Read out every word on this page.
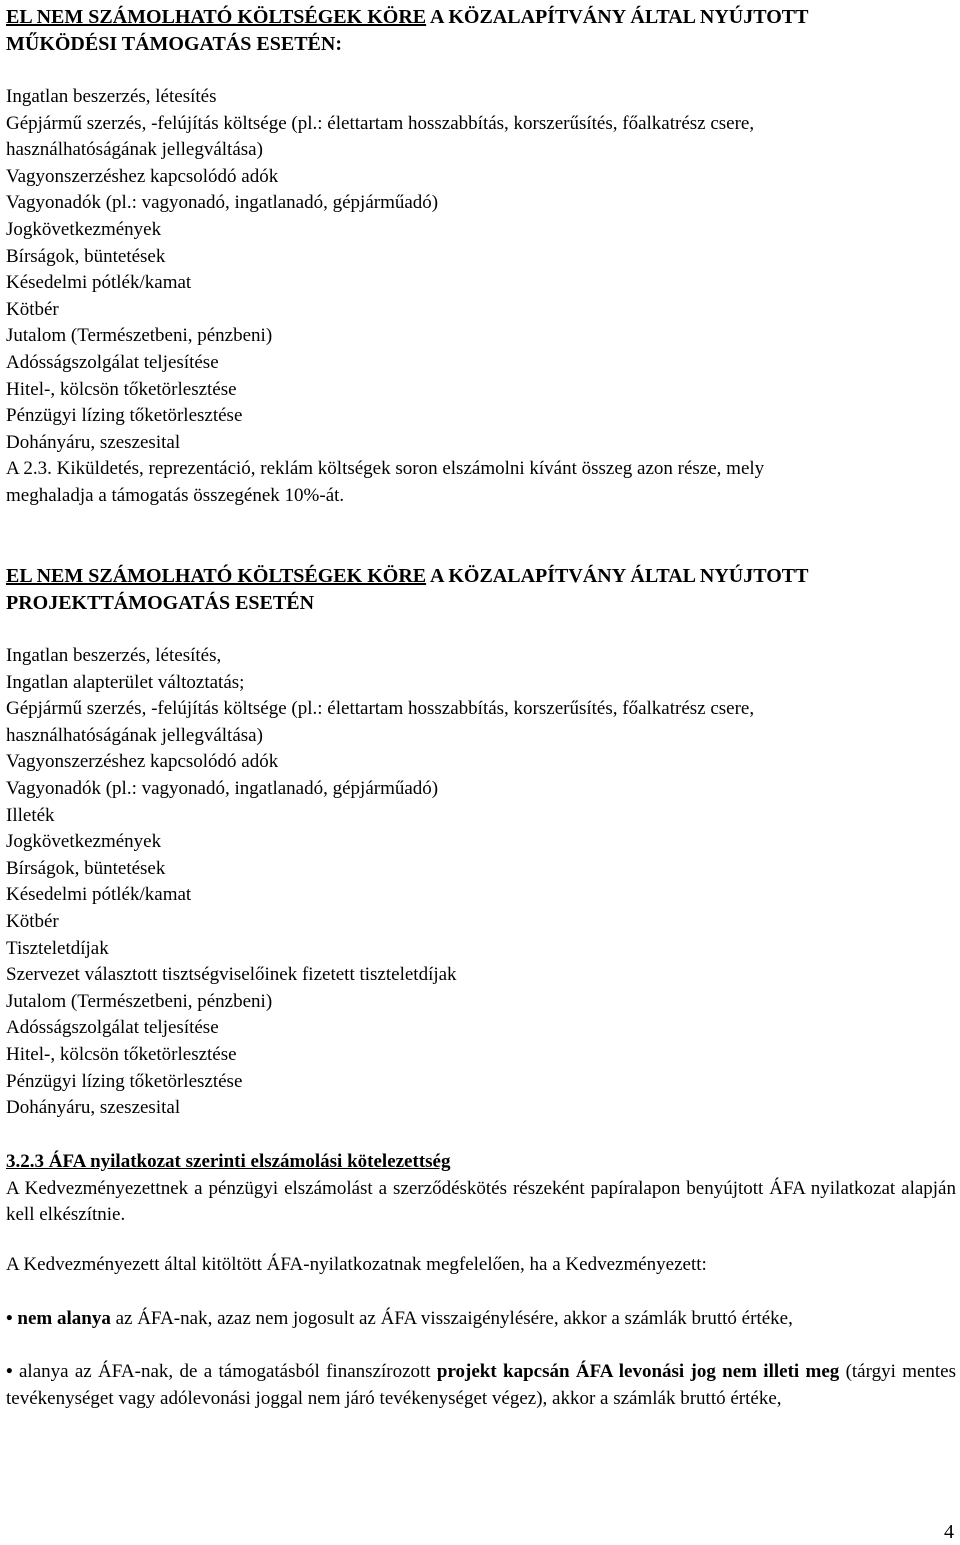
EL NEM SZÁMOLHATÓ KÖLTSÉGEK KÖRE A KÖZALAPÍTVÁNY ÁLTAL NYÚJTOTT
MŰKÖDÉSI TÁMOGATÁS ESETÉN:
Ingatlan beszerzés, létesítés
Gépjármű szerzés, -felújítás költsége (pl.: élettartam hosszabbítás, korszerűsítés, főalkatrész csere,
használhatóságának jellegváltása)
Vagyonszerzéshez kapcsolódó adók
Vagyonadók (pl.: vagyonadó, ingatlanadó, gépjárműadó)
Jogkövetkezmények
Bírságok, büntetések
Késedelmi pótlék/kamat
Kötbér
Jutalom (Természetbeni, pénzbeni)
Adósságszolgálat teljesítése
Hitel-, kölcsön tőketörlesztése
Pénzügyi lízing tőketörlesztése
Dohányáru, szeszesital
A 2.3. Kiküldetés, reprezentáció, reklám költségek soron elszámolni kívánt összeg azon része, mely
meghaladja a támogatás összegének 10%-át.
EL NEM SZÁMOLHATÓ KÖLTSÉGEK KÖRE A KÖZALAPÍTVÁNY ÁLTAL NYÚJTOTT
PROJEKTTÁMOGATÁS ESETÉN
Ingatlan beszerzés, létesítés,
Ingatlan alapterület változtatás;
Gépjármű szerzés, -felújítás költsége (pl.: élettartam hosszabbítás, korszerűsítés, főalkatrész csere,
használhatóságának jellegváltása)
Vagyonszerzéshez kapcsolódó adók
Vagyonadók (pl.: vagyonadó, ingatlanadó, gépjárműadó)
Illeték
Jogkövetkezmények
Bírságok, büntetések
Késedelmi pótlék/kamat
Kötbér
Tiszteletdíjak
Szervezet választott tisztségviselőinek fizetett tiszteletdíjak
Jutalom (Természetbeni, pénzbeni)
Adósságszolgálat teljesítése
Hitel-, kölcsön tőketörlesztése
Pénzügyi lízing tőketörlesztése
Dohányáru, szeszesital
3.2.3 ÁFA nyilatkozat szerinti elszámolási kötelezettség
A Kedvezményezettnek a pénzügyi elszámolást a szerződéskötés részeként papíralapon benyújtott ÁFA nyilatkozat alapján kell elkészítnie.
A Kedvezményezett által kitöltött ÁFA-nyilatkozatnak megfelelően, ha a Kedvezményezett:
• nem alanya az ÁFA-nak, azaz nem jogosult az ÁFA visszaigénylésére, akkor a számlák bruttó értéke,
• alanya az ÁFA-nak, de a támogatásból finanszírozott projekt kapcsán ÁFA levonási jog nem illeti meg (tárgyi mentes tevékenységet vagy adólevonási joggal nem járó tevékenységet végez), akkor a számlák bruttó értéke,
4
